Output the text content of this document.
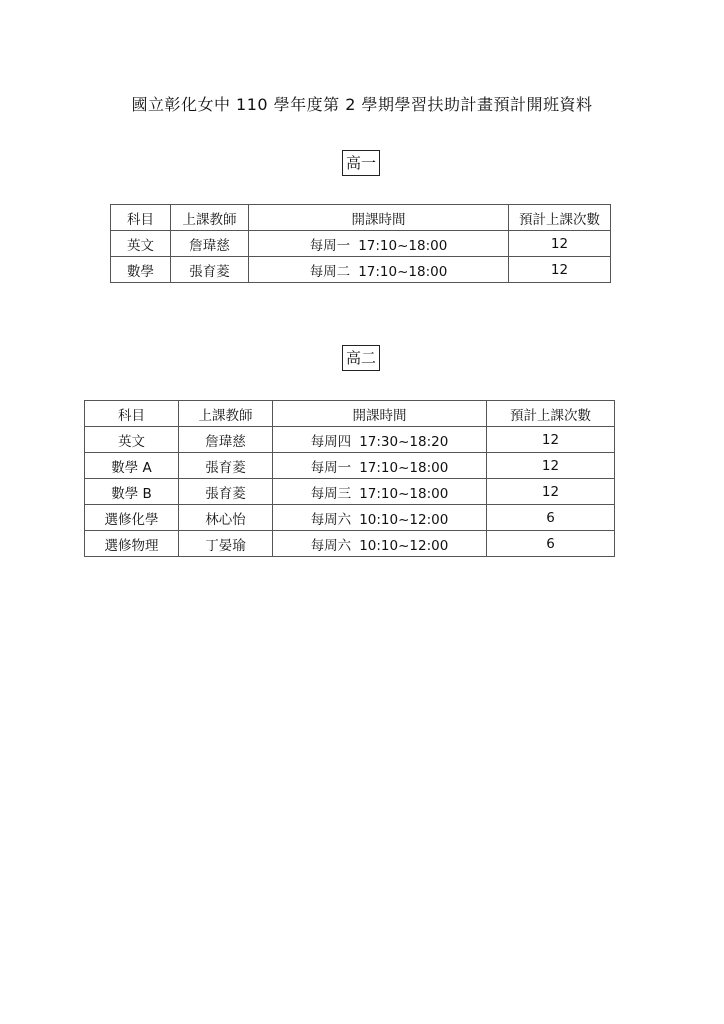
國立彰化女中 110 學年度第 2 學期學習扶助計畫預計開班資料
高一
科目	上課教師	開課時間	預計上課次數
英文	詹瑋慈	每周一 17:10~18:00	12
數學	張育菱	每周二 17:10~18:00	12
高二
科目	上課教師	開課時間	預計上課次數
英文	詹瑋慈	每周四 17:30~18:20	12
數學 A	張育菱	每周一 17:10~18:00	12
數學 B	張育菱	每周三 17:10~18:00	12
選修化學	林心怡	每周六 10:10~12:00	6
選修物理	丁晏瑜	每周六 10:10~12:00	6
